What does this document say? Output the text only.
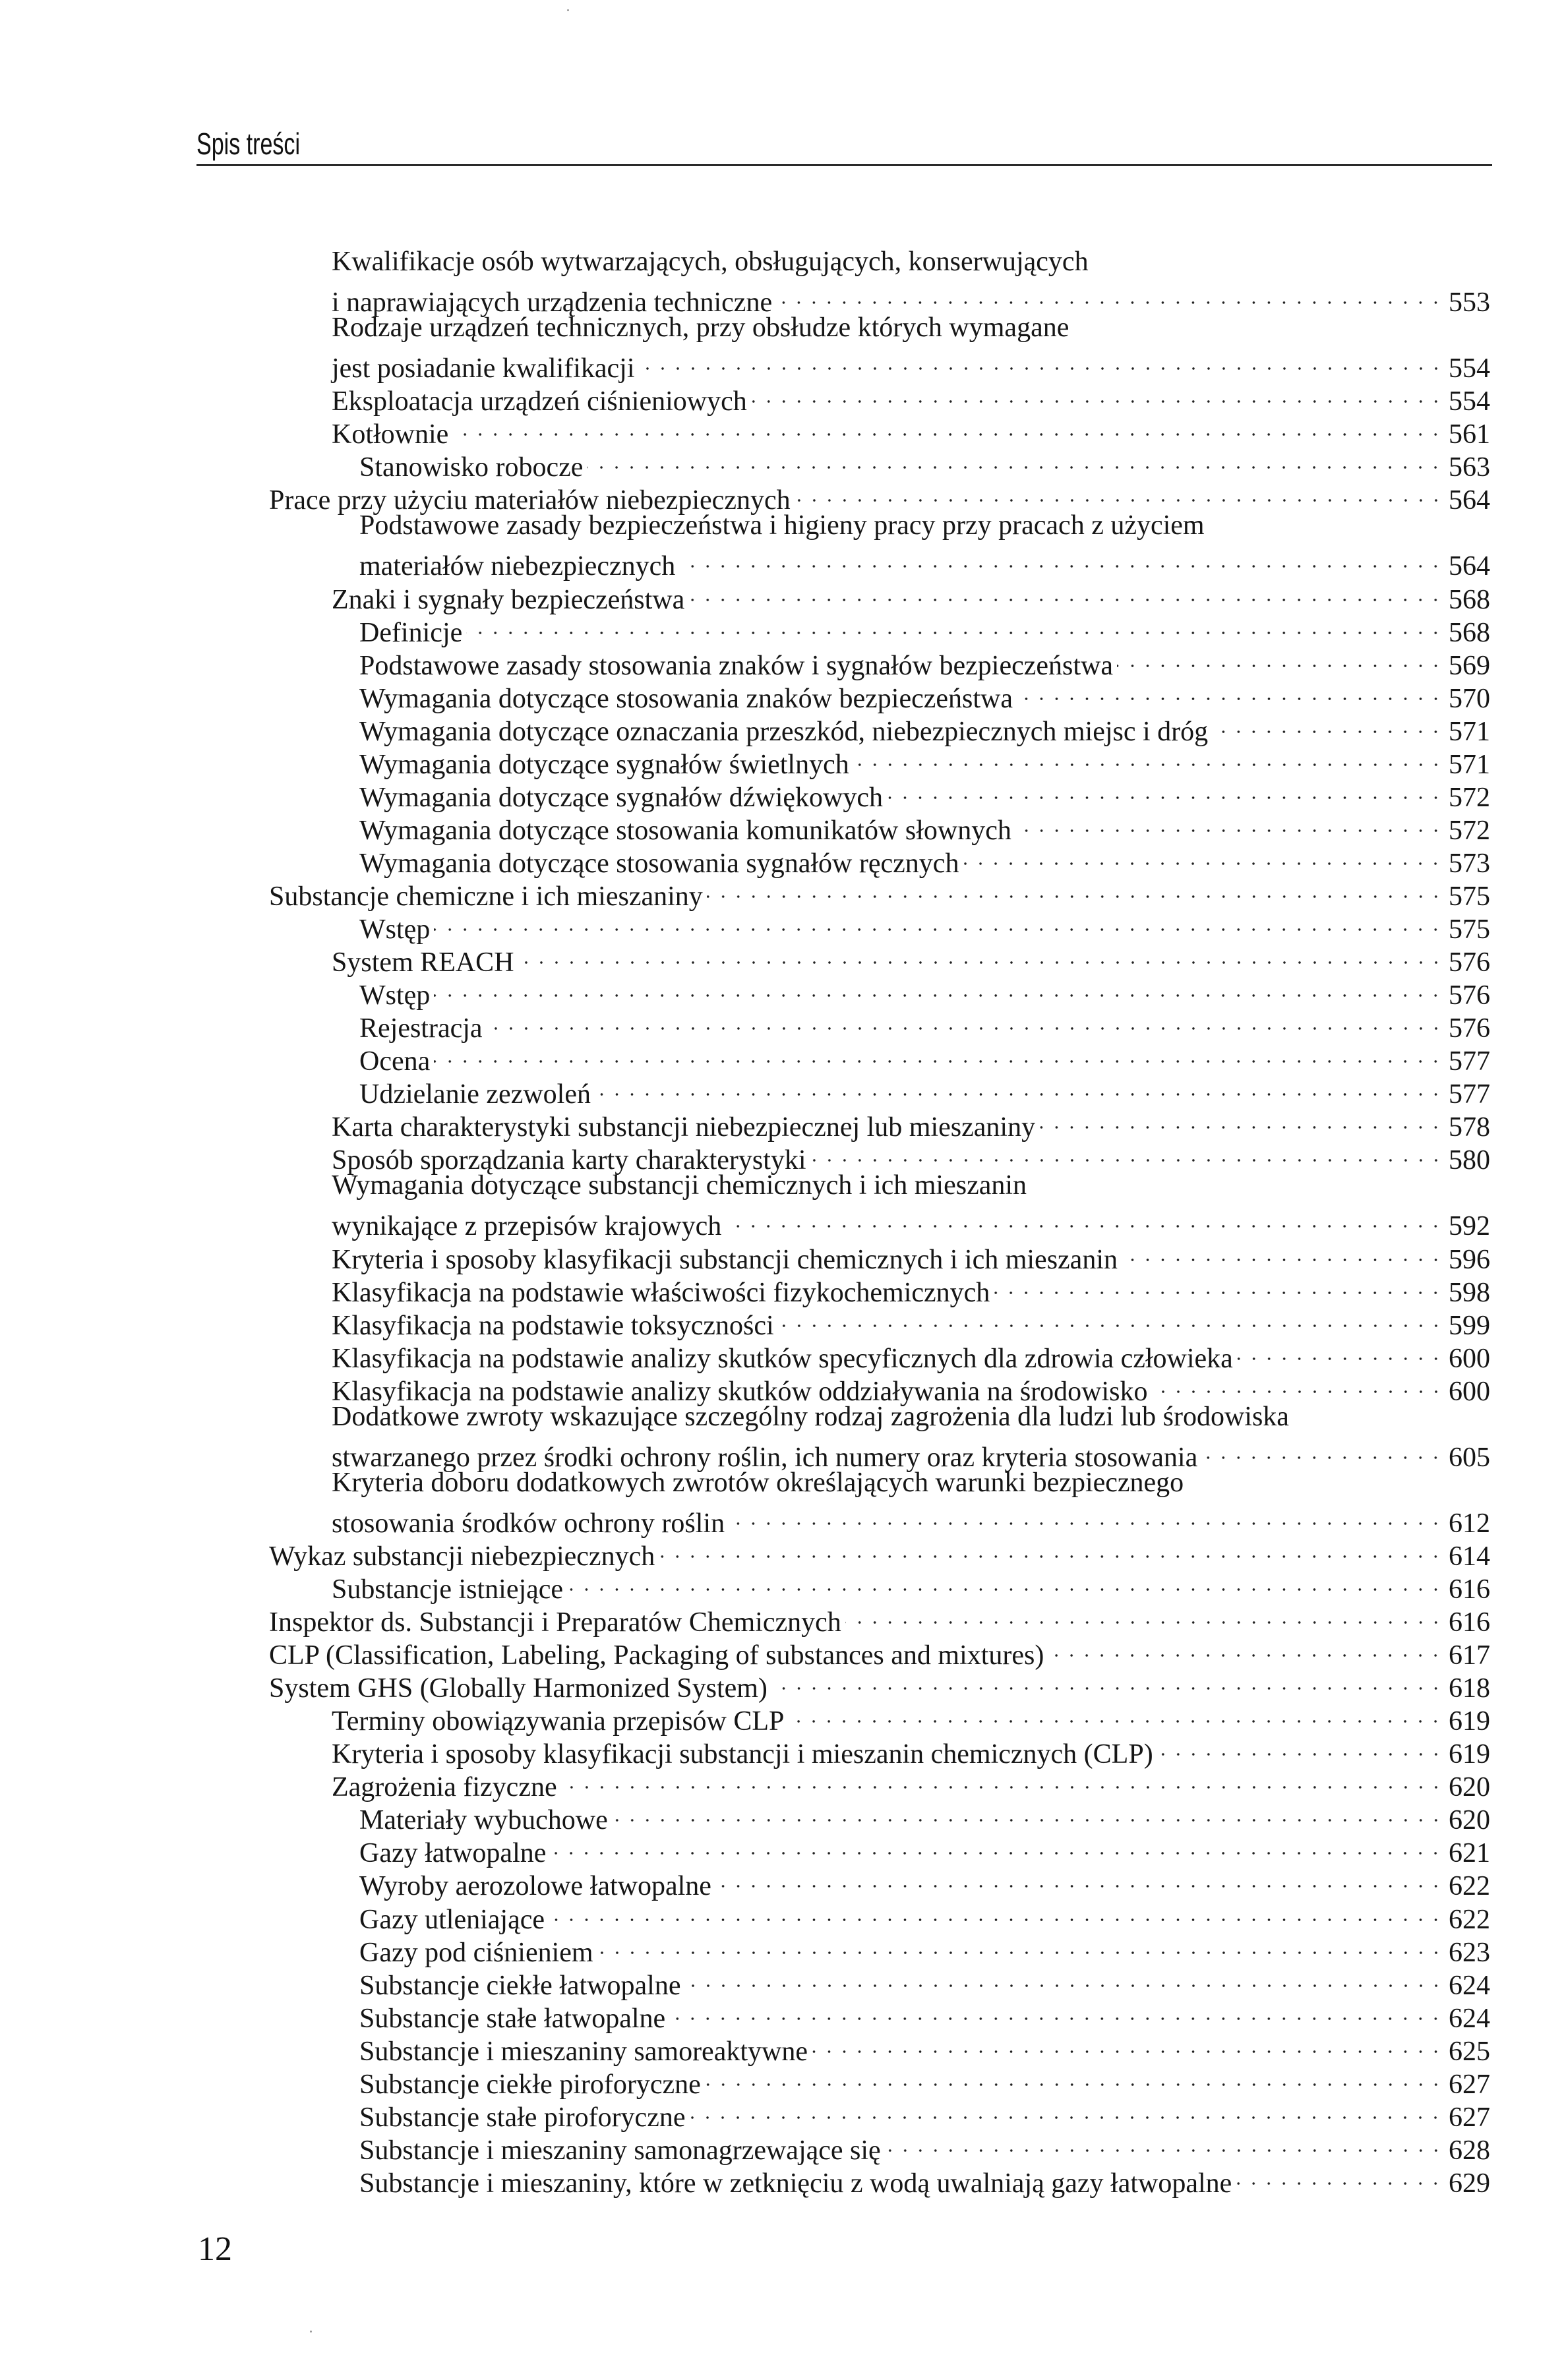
Spis treści
Kwalifikacje osób wytwarzających, obsługujących, konserwujących
i naprawiających urządzenia techniczne	553
Rodzaje urządzeń technicznych, przy obsłudze których wymagane
jest posiadanie kwalifikacji	554
Eksploatacja urządzeń ciśnieniowych	554
Kotłownie	561
Stanowisko robocze	563
Prace przy użyciu materiałów niebezpiecznych	564
Podstawowe zasady bezpieczeństwa i higieny pracy przy pracach z użyciem
materiałów niebezpiecznych	564
Znaki i sygnały bezpieczeństwa	568
Definicje	568
Podstawowe zasady stosowania znaków i sygnałów bezpieczeństwa	569
Wymagania dotyczące stosowania znaków bezpieczeństwa	570
Wymagania dotyczące oznaczania przeszkód, niebezpiecznych miejsc i dróg	571
Wymagania dotyczące sygnałów świetlnych	571
Wymagania dotyczące sygnałów dźwiękowych	572
Wymagania dotyczące stosowania komunikatów słownych	572
Wymagania dotyczące stosowania sygnałów ręcznych	573
Substancje chemiczne i ich mieszaniny	575
Wstęp	575
System REACH	576
Wstęp	576
Rejestracja	576
Ocena	577
Udzielanie zezwoleń	577
Karta charakterystyki substancji niebezpiecznej lub mieszaniny	578
Sposób sporządzania karty charakterystyki	580
Wymagania dotyczące substancji chemicznych i ich mieszanin
wynikające z przepisów krajowych	592
Kryteria i sposoby klasyfikacji substancji chemicznych i ich mieszanin	596
Klasyfikacja na podstawie właściwości fizykochemicznych	598
Klasyfikacja na podstawie toksyczności	599
Klasyfikacja na podstawie analizy skutków specyficznych dla zdrowia człowieka	600
Klasyfikacja na podstawie analizy skutków oddziaływania na środowisko	600
Dodatkowe zwroty wskazujące szczególny rodzaj zagrożenia dla ludzi lub środowiska
stwarzanego przez środki ochrony roślin, ich numery oraz kryteria stosowania	605
Kryteria doboru dodatkowych zwrotów określających warunki bezpiecznego
stosowania środków ochrony roślin	612
Wykaz substancji niebezpiecznych	614
Substancje istniejące	616
Inspektor ds. Substancji i Preparatów Chemicznych	616
CLP (Classification, Labeling, Packaging of substances and mixtures)	617
System GHS (Globally Harmonized System)	618
Terminy obowiązywania przepisów CLP	619
Kryteria i sposoby klasyfikacji substancji i mieszanin chemicznych (CLP)	619
Zagrożenia fizyczne	620
Materiały wybuchowe	620
Gazy łatwopalne	621
Wyroby aerozolowe łatwopalne	622
Gazy utleniające	622
Gazy pod ciśnieniem	623
Substancje ciekłe łatwopalne	624
Substancje stałe łatwopalne	624
Substancje i mieszaniny samoreaktywne	625
Substancje ciekłe piroforyczne	627
Substancje stałe piroforyczne	627
Substancje i mieszaniny samonagrzewające się	628
Substancje i mieszaniny, które w zetknięciu z wodą uwalniają gazy łatwopalne	629
12
